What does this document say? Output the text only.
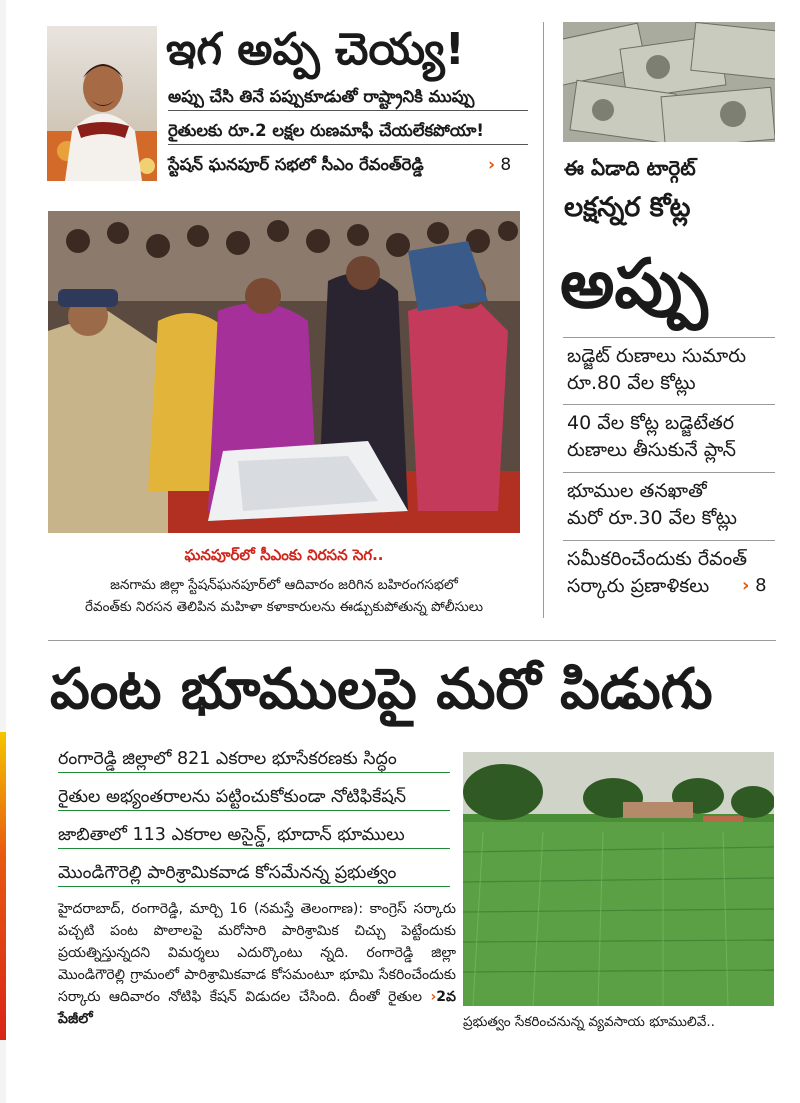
ఇగ అప్ప చెయ్య!
అప్పు చేసి తినే పప్పుకూడుతో రాష్ట్రానికి ముప్పు
రైతులకు రూ.2 లక్షల రుణమాఫీ చేయలేకపోయా!
స్టేషన్ ఘనపూర్ సభలో సీఎం రేవంత్‌రెడ్డి	› 8
ఘనపూర్‌లో సీఎంకు నిరసన సెగ..
జనగామ జిల్లా స్టేషన్‌ఘనపూర్‌లో ఆదివారం జరిగిన బహిరంగసభలో
రేవంత్‌కు నిరసన తెలిపిన మహిళా కళాకారులను ఈడ్చుకుపోతున్న పోలీసులు
ఈ ఏడాది టార్గెట్
లక్షన్నర కోట్ల
అప్పు
బడ్జెట్ రుణాలు సుమారు
రూ.80 వేల కోట్లు
40 వేల కోట్ల బడ్జెటేతర
రుణాలు తీసుకునే ప్లాన్
భూముల తనఖాతో
మరో రూ.30 వేల కోట్లు
సమీకరించేందుకు రేవంత్
సర్కారు ప్రణాళికలు	› 8
పంట భూములపై మరో పిడుగు
రంగారెడ్డి జిల్లాలో 821 ఎకరాల భూసేకరణకు సిద్ధం
రైతుల అభ్యంతరాలను పట్టించుకోకుండా నోటిఫికేషన్
జాబితాలో 113 ఎకరాల అసైన్డ్, భూదాన్ భూములు
మొండిగౌరెల్లి పారిశ్రామికవాడ కోసమేనన్న ప్రభుత్వం
హైదరాబాద్, రంగారెడ్డి, మార్చి 16 (నమస్తే తెలంగాణ): కాంగ్రెస్ సర్కారు పచ్చటి పంట పొలాలపై మరోసారి పారిశ్రామిక చిచ్చు పెట్టేందుకు ప్రయత్నిస్తున్నదని విమర్శలు ఎదుర్కొంటు న్నది. రంగారెడ్డి జిల్లా మొండిగౌరెల్లి గ్రామంలో పారిశ్రామికవాడ కోసమంటూ భూమి సేకరించేందుకు సర్కారు ఆదివారం నోటిఫి కేషన్ విడుదల చేసింది. దీంతో రైతుల ›2వ పేజీలో	ప్రభుత్వం సేకరించనున్న వ్యవసాయ భూములివే..
